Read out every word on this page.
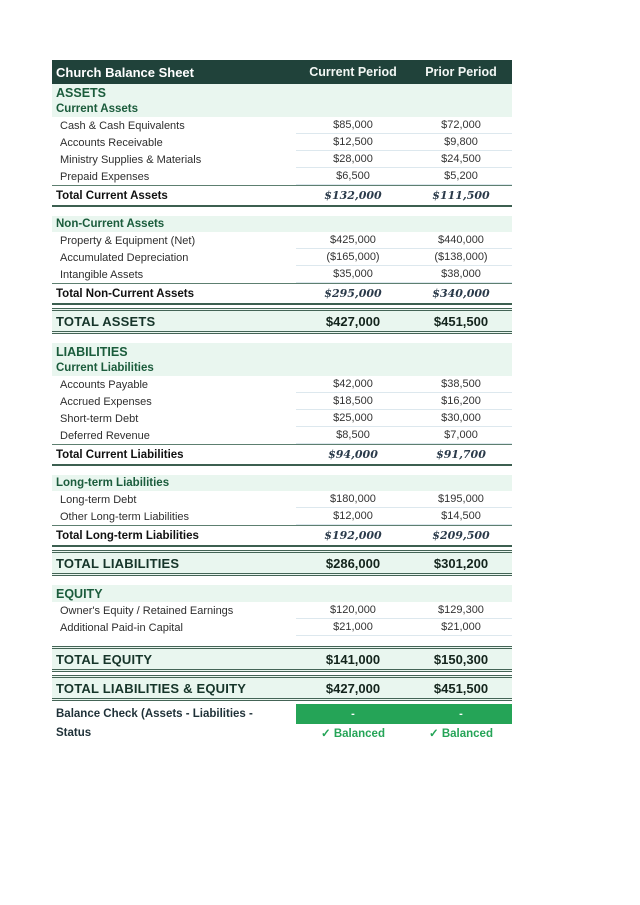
Church Balance Sheet	Current Period	Prior Period
ASSETS
Current Assets
Cash & Cash Equivalents	$85,000	$72,000
Accounts Receivable	$12,500	$9,800
Ministry Supplies & Materials	$28,000	$24,500
Prepaid Expenses	$6,500	$5,200
Total Current Assets	$132,000	$111,500
Non-Current Assets
Property & Equipment (Net)	$425,000	$440,000
Accumulated Depreciation	($165,000)	($138,000)
Intangible Assets	$35,000	$38,000
Total Non-Current Assets	$295,000	$340,000
TOTAL ASSETS	$427,000	$451,500
LIABILITIES
Current Liabilities
Accounts Payable	$42,000	$38,500
Accrued Expenses	$18,500	$16,200
Short-term Debt	$25,000	$30,000
Deferred Revenue	$8,500	$7,000
Total Current Liabilities	$94,000	$91,700
Long-term Liabilities
Long-term Debt	$180,000	$195,000
Other Long-term Liabilities	$12,000	$14,500
Total Long-term Liabilities	$192,000	$209,500
TOTAL LIABILITIES	$286,000	$301,200
EQUITY
Owner's Equity / Retained Earnings	$120,000	$129,300
Additional Paid-in Capital	$21,000	$21,000
TOTAL EQUITY	$141,000	$150,300
TOTAL LIABILITIES & EQUITY	$427,000	$451,500
Balance Check (Assets - Liabilities -	-	-
Status	✓ Balanced	✓ Balanced
